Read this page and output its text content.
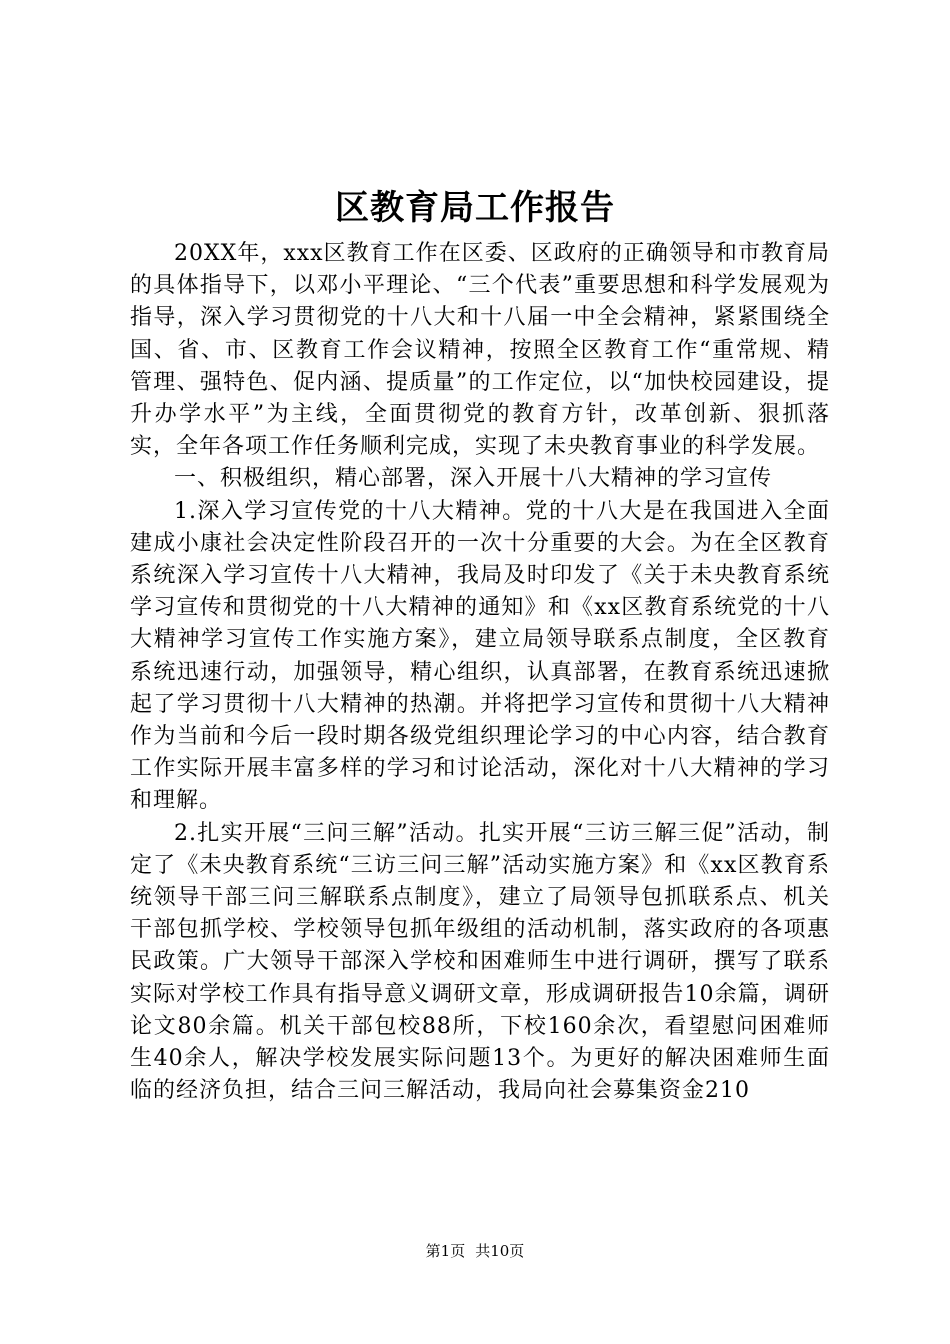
区教育局工作报告

20XX年，xxx区教育工作在区委、区政府的正确领导和市教育局的具体指导下，以邓小平理论、“三个代表”重要思想和科学发展观为指导，深入学习贯彻党的十八大和十八届一中全会精神，紧紧围绕全国、省、市、区教育工作会议精神，按照全区教育工作“重常规、精管理、强特色、促内涵、提质量”的工作定位，以“加快校园建设，提升办学水平”为主线，全面贯彻党的教育方针，改革创新、狠抓落实，全年各项工作任务顺利完成，实现了未央教育事业的科学发展。

一、积极组织，精心部署，深入开展十八大精神的学习宣传

1.深入学习宣传党的十八大精神。党的十八大是在我国进入全面建成小康社会决定性阶段召开的一次十分重要的大会。为在全区教育系统深入学习宣传十八大精神，我局及时印发了《关于未央教育系统学习宣传和贯彻党的十八大精神的通知》和《xx区教育系统党的十八大精神学习宣传工作实施方案》，建立局领导联系点制度，全区教育系统迅速行动，加强领导，精心组织，认真部署，在教育系统迅速掀起了学习贯彻十八大精神的热潮。并将把学习宣传和贯彻十八大精神作为当前和今后一段时期各级党组织理论学习的中心内容，结合教育工作实际开展丰富多样的学习和讨论活动，深化对十八大精神的学习和理解。

2.扎实开展“三问三解”活动。扎实开展“三访三解三促”活动，制定了《未央教育系统“三访三问三解”活动实施方案》和《xx区教育系统领导干部三问三解联系点制度》，建立了局领导包抓联系点、机关干部包抓学校、学校领导包抓年级组的活动机制，落实政府的各项惠民政策。广大领导干部深入学校和困难师生中进行调研，撰写了联系实际对学校工作具有指导意义调研文章，形成调研报告10余篇，调研论文80余篇。机关干部包校88所，下校160余次，看望慰问困难师生40余人，解决学校发展实际问题13个。为更好的解决困难师生面临的经济负担，结合三问三解活动，我局向社会募集资金210

第1页 共10页
